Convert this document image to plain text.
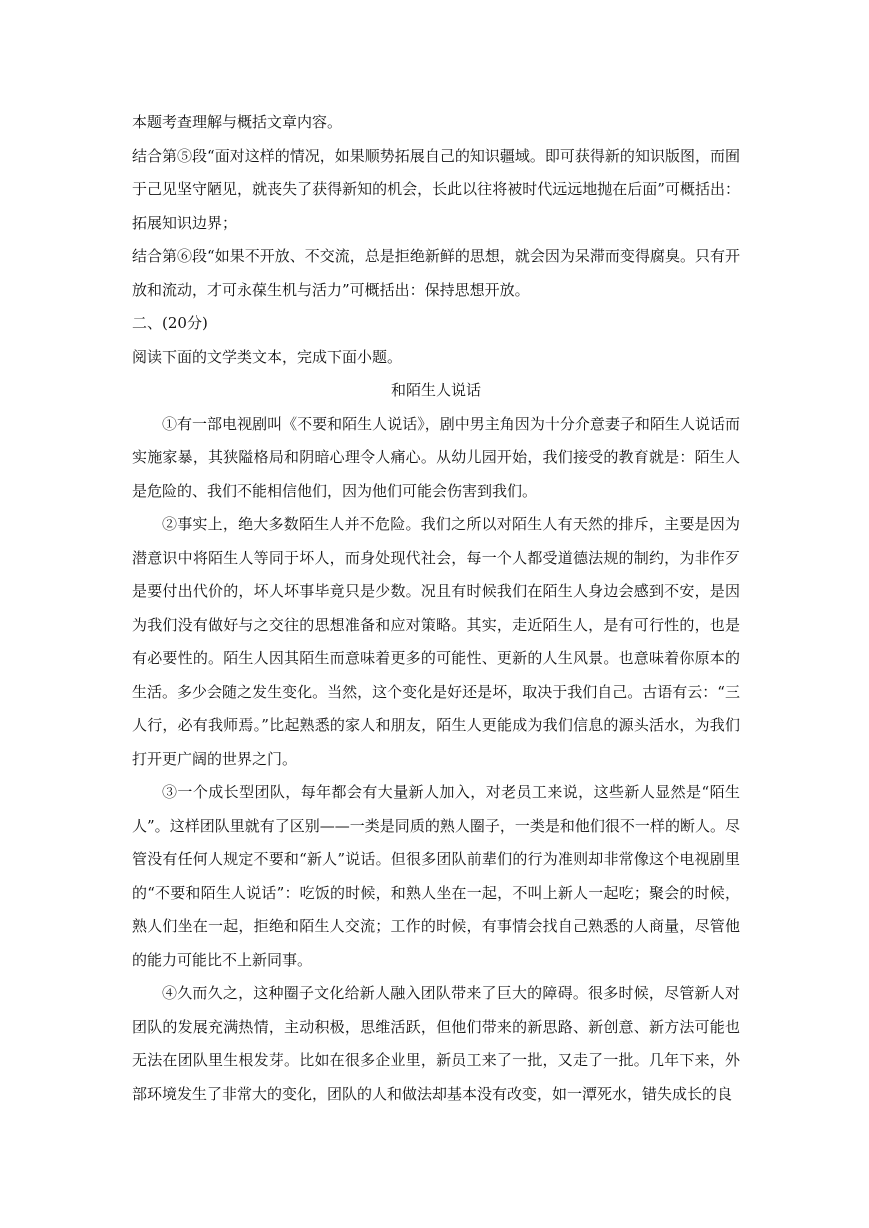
本题考查理解与概括文章内容。

结合第⑤段“面对这样的情况，如果顺势拓展自己的知识疆域。即可获得新的知识版图，而囿于己见坚守陋见，就丧失了获得新知的机会，长此以往将被时代远远地抛在后面”可概括出：拓展知识边界；

结合第⑥段“如果不开放、不交流，总是拒绝新鲜的思想，就会因为呆滞而变得腐臭。只有开放和流动，才可永葆生机与活力”可概括出：保持思想开放。

二、(20分)

阅读下面的文学类文本，完成下面小题。

和陌生人说话

①有一部电视剧叫《不要和陌生人说话》，剧中男主角因为十分介意妻子和陌生人说话而实施家暴，其狭隘格局和阴暗心理令人痛心。从幼儿园开始，我们接受的教育就是：陌生人是危险的、我们不能相信他们，因为他们可能会伤害到我们。

②事实上，绝大多数陌生人并不危险。我们之所以对陌生人有天然的排斥，主要是因为潜意识中将陌生人等同于坏人，而身处现代社会，每一个人都受道德法规的制约，为非作歹是要付出代价的，坏人坏事毕竟只是少数。况且有时候我们在陌生人身边会感到不安，是因为我们没有做好与之交往的思想准备和应对策略。其实，走近陌生人，是有可行性的，也是有必要性的。陌生人因其陌生而意味着更多的可能性、更新的人生风景。也意味着你原本的生活。多少会随之发生变化。当然，这个变化是好还是坏，取决于我们自己。古语有云：“三人行，必有我师焉。”比起熟悉的家人和朋友，陌生人更能成为我们信息的源头活水，为我们打开更广阔的世界之门。

③一个成长型团队，每年都会有大量新人加入，对老员工来说，这些新人显然是“陌生人”。这样团队里就有了区别——一类是同质的熟人圈子，一类是和他们很不一样的断人。尽管没有任何人规定不要和“新人”说话。但很多团队前辈们的行为准则却非常像这个电视剧里的“不要和陌生人说话”：吃饭的时候，和熟人坐在一起，不叫上新人一起吃；聚会的时候，熟人们坐在一起，拒绝和陌生人交流；工作的时候，有事情会找自己熟悉的人商量，尽管他的能力可能比不上新同事。

④久而久之，这种圈子文化给新人融入团队带来了巨大的障碍。很多时候，尽管新人对团队的发展充满热情，主动积极，思维活跃，但他们带来的新思路、新创意、新方法可能也无法在团队里生根发芽。比如在很多企业里，新员工来了一批，又走了一批。几年下来，外部环境发生了非常大的变化，团队的人和做法却基本没有改变，如一潭死水，错失成长的良
